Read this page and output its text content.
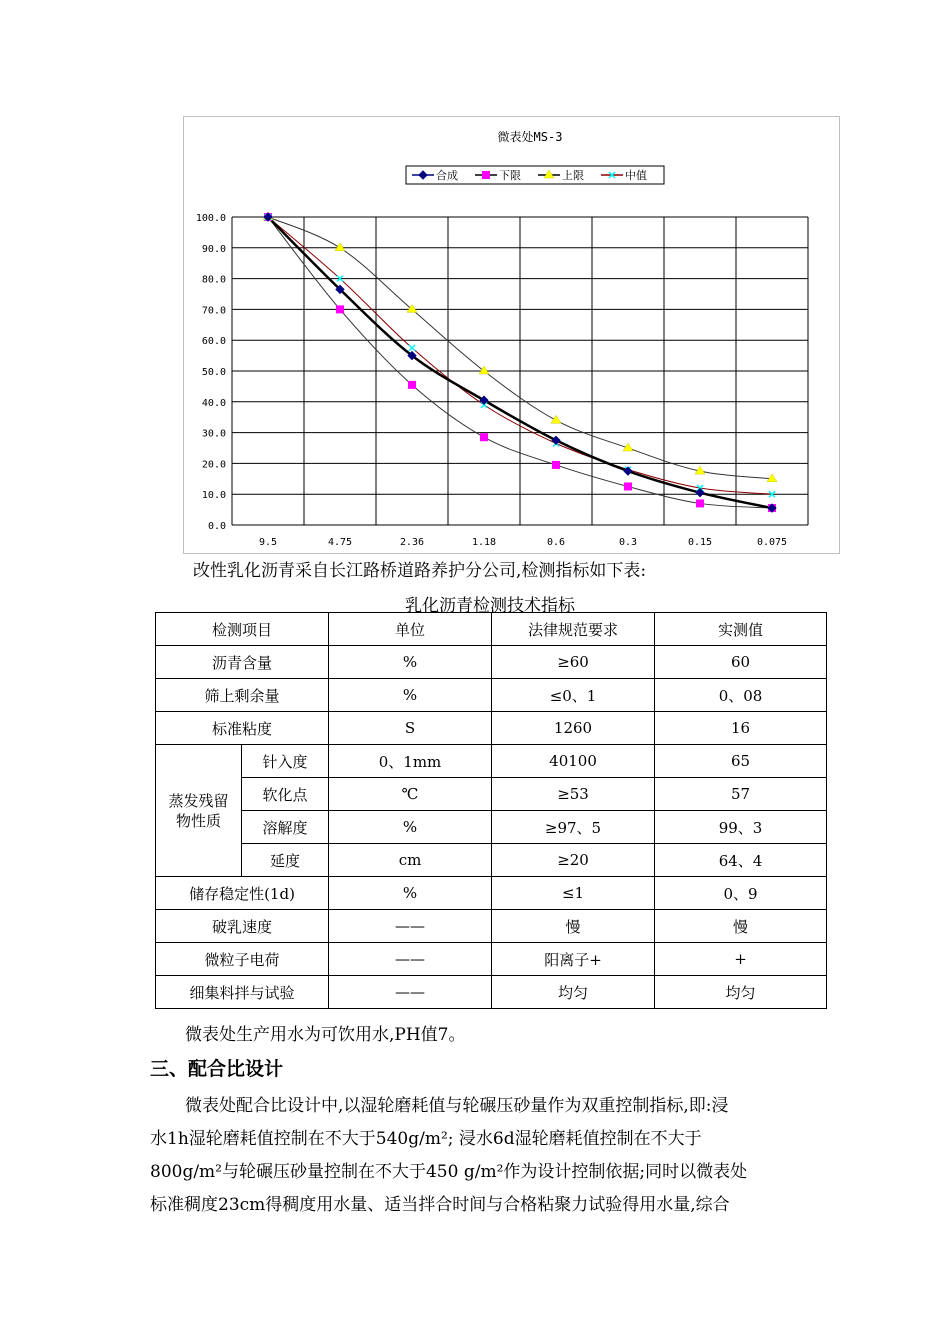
微表处MS-3
合成	下限	上限	中值
100.0
90.0
80.0
70.0
60.0
50.0
40.0
30.0
20.0
10.0
0.0
9.5	4.75	2.36	1.18	0.6	0.3	0.15	0.075
改性乳化沥青采自长江路桥道路养护分公司,检测指标如下表:
乳化沥青检测技术指标
检测项目		单位	法律规范要求	实测值
沥青含量		%	≥60	60
筛上剩余量		%	≤0、1	0、08
标准粘度		S	1260	16
蒸发残留物性质	针入度	0、1mm	40100	65
	软化点	℃	≥53	57
	溶解度	%	≥97、5	99、3
	延度	cm	≥20	64、4
储存稳定性(1d)		%	≤1	0、9
破乳速度		——	慢	慢
微粒子电荷		——	阳离子+	+
细集料拌与试验		——	均匀	均匀
微表处生产用水为可饮用水,PH值7。
三、配合比设计
微表处配合比设计中,以湿轮磨耗值与轮碾压砂量作为双重控制指标,即:浸
水1h湿轮磨耗值控制在不大于540g/m²; 浸水6d湿轮磨耗值控制在不大于
800g/m²与轮碾压砂量控制在不大于450 g/m²作为设计控制依据;同时以微表处
标准稠度23cm得稠度用水量、适当拌合时间与合格粘聚力试验得用水量,综合
